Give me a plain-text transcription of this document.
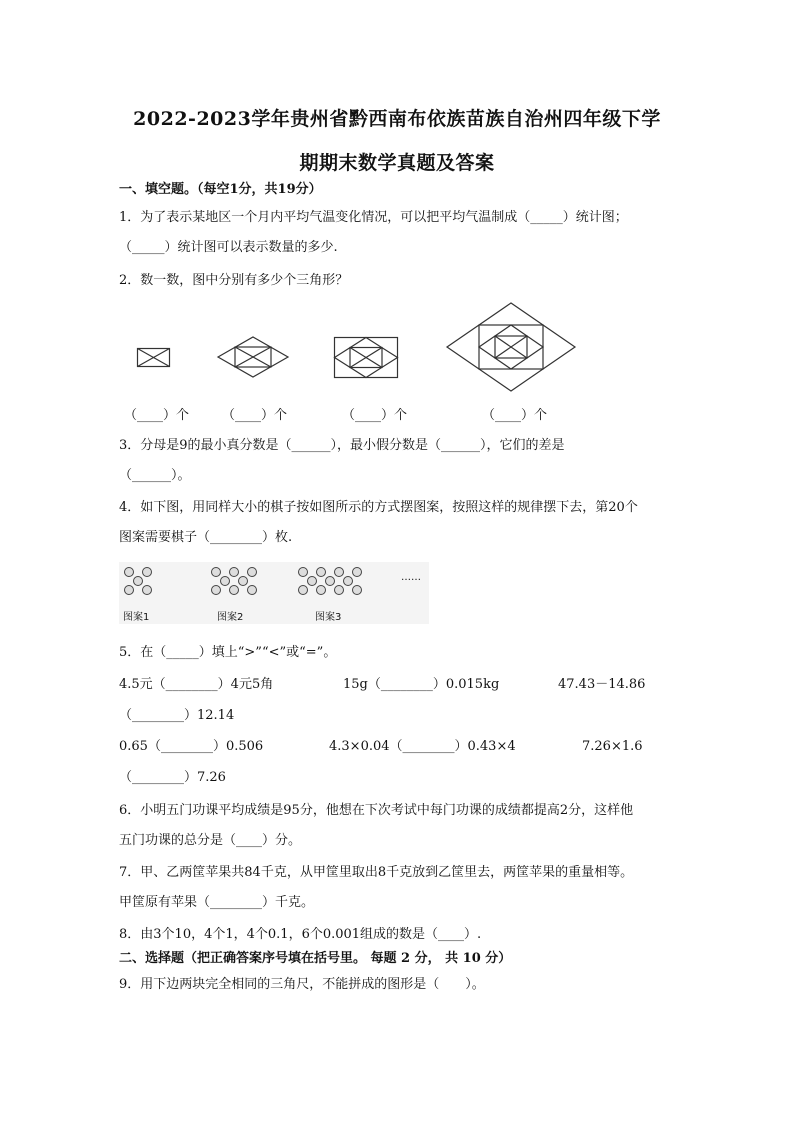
2022-2023学年贵州省黔西南布依族苗族自治州四年级下学
期期末数学真题及答案
一、填空题。（每空1分，共19分）
1．为了表示某地区一个月内平均气温变化情况，可以把平均气温制成（_____）统计图；
（_____）统计图可以表示数量的多少.
2．数一数，图中分别有多少个三角形？
（____）个	（____）个	（____）个	（____）个
3．分母是9的最小真分数是（______），最小假分数是（______），它们的差是
（______）。
4．如下图，用同样大小的棋子按如图所示的方式摆图案，按照这样的规律摆下去，第20个
图案需要棋子（________）枚.
图案1	图案2	图案3
……
5．在（_____）填上“>”“<”或“=”。
4.5元（________）4元5角	15g（________）0.015kg	47.43－14.86
（________）12.14
0.65（________）0.506	4.3×0.04（________）0.43×4	7.26×1.6
（________）7.26
6．小明五门功课平均成绩是95分，他想在下次考试中每门功课的成绩都提高2分，这样他
五门功课的总分是（____）分。
7．甲、乙两筐苹果共84千克，从甲筐里取出8千克放到乙筐里去，两筐苹果的重量相等。
甲筐原有苹果（________）千克。
8．由3个10，4个1，4个0.1，6个0.001组成的数是（____）.
二、选择题（把正确答案序号填在括号里。 每题 2 分， 共 10 分）
9．用下边两块完全相同的三角尺，不能拼成的图形是（　　）。
